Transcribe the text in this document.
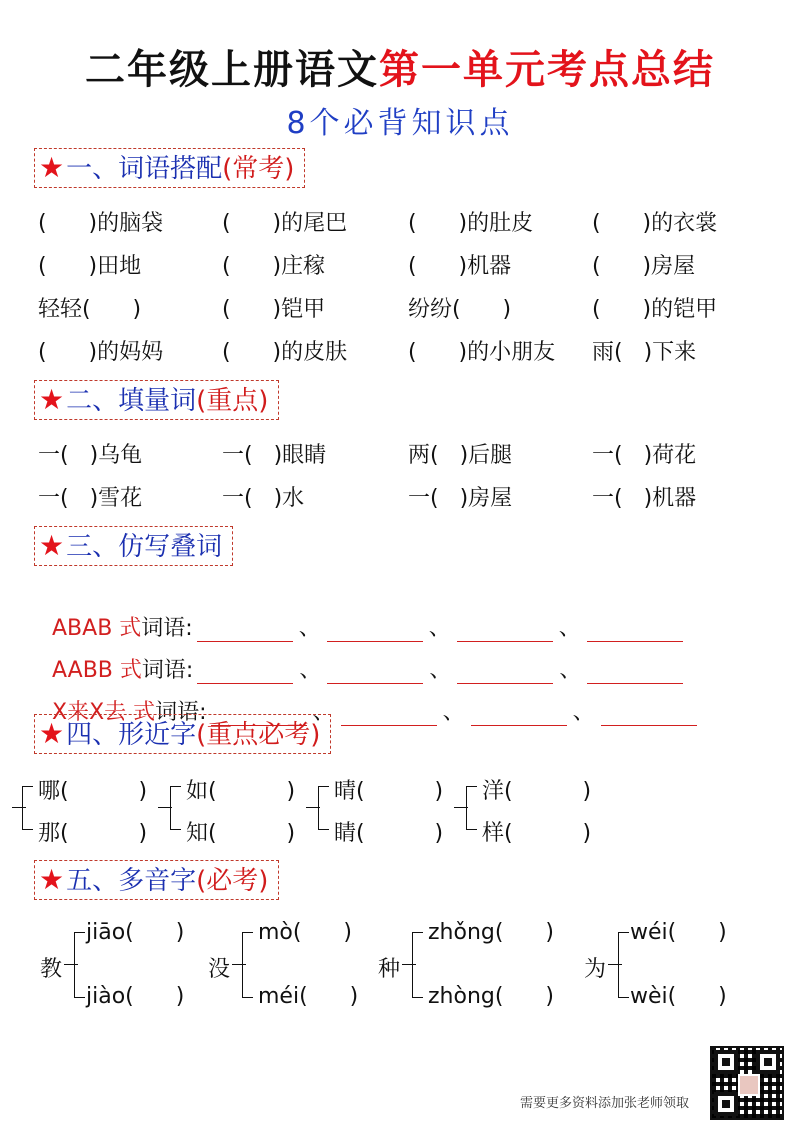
二年级上册语文第一单元考点总结
8个必背知识点
★一、词语搭配(常考)
(      )的脑袋	(      )的尾巴	(      )的肚皮	(      )的衣裳
(      )田地	(      )庄稼	(      )机器	(      )房屋
轻轻(      )	(      )铠甲	纷纷(      )	(      )的铠甲
(      )的妈妈	(      )的皮肤	(      )的小朋友 雨(   )下来
★二、填量词(重点)
一(   )乌龟	一(   )眼睛	两(   )后腿	一(   )荷花
一(   )雪花	一(   )水	一(   )房屋	一(   )机器
★三、仿写叠词

ABAB 式词语:	、	、	、

AABB 式词语:	、	、	、

X来X去 式词语:	、	、	、

★四、形近字(重点必考)
哪(          )
那(          )
如(          )
知(          )
晴(          )
睛(          )
洋(          )
样(          )
★五、多音字(必考)
教
jiāo(      )
jiào(      )
没
mò(      )
méi(      )
种
zhǒng(      )
zhòng(      )
为
wéi(      )
wèi(      )
需要更多资料添加张老师领取
